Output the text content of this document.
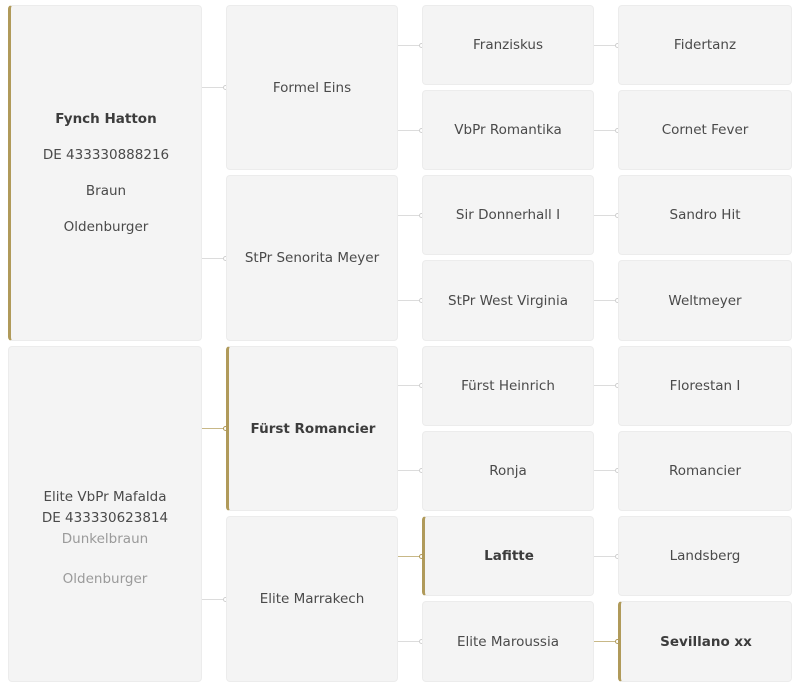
Fynch Hatton
DE 433330888216
Braun
Oldenburger
Elite VbPr Mafalda
DE 433330623814
Dunkelbraun
Oldenburger
Formel Eins
StPr Senorita Meyer
Fürst Romancier
Elite Marrakech
Franziskus
VbPr Romantika
Sir Donnerhall I
StPr West Virginia
Fürst Heinrich
Ronja
Lafitte
Elite Maroussia
Fidertanz
Cornet Fever
Sandro Hit
Weltmeyer
Florestan I
Romancier
Landsberg
Sevillano xx
